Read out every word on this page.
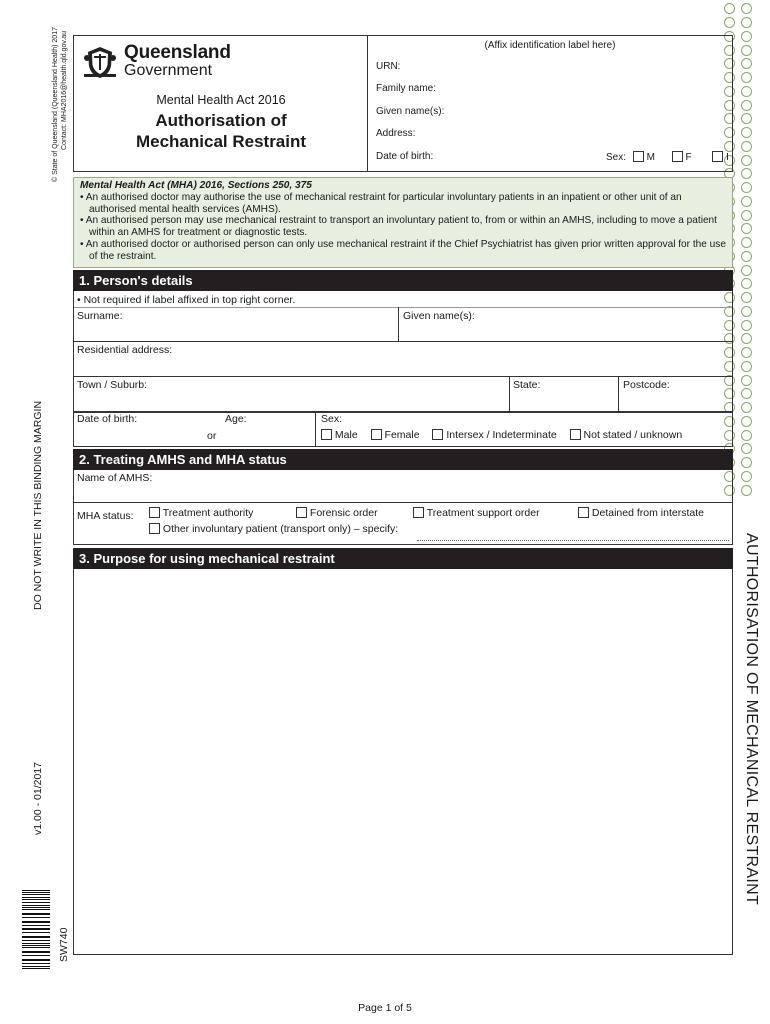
© State of Queensland (Queensland Health) 2017 Contact: MHA2016@health.qld.gov.au
DO NOT WRITE IN THIS BINDING MARGIN
v1.00 - 01/2017
SW740
Queensland
Government
Mental Health Act 2016
Authorisation of
Mechanical Restraint
(Affix identification label here)
URN:
Family name:
Given name(s):
Address:
Date of birth:	Sex: M	F	I
Mental Health Act (MHA) 2016, Sections 250, 375
• An authorised doctor may authorise the use of mechanical restraint for particular involuntary patients in an inpatient or other unit of an authorised mental health services (AMHS).
• An authorised person may use mechanical restraint to transport an involuntary patient to, from or within an AMHS, including to move a patient within an AMHS for treatment or diagnostic tests.
• An authorised doctor or authorised person can only use mechanical restraint if the Chief Psychiatrist has given prior written approval for the use of the restraint.
1. Person's details
• Not required if label affixed in top right corner.
Surname:	Given name(s):
Residential address:
Town / Suburb:	State:	Postcode:
Date of birth:	Age:
or
Sex:
Male	Female	Intersex / Indeterminate	Not stated / unknown
2. Treating AMHS and MHA status
Name of AMHS:
MHA status:	Treatment authority	Forensic order	Treatment support order	Detained from interstate
Other involuntary patient (transport only) – specify:
3. Purpose for using mechanical restraint	AUTHORISATION OF MECHANICAL RESTRAINT
Page 1 of 5
